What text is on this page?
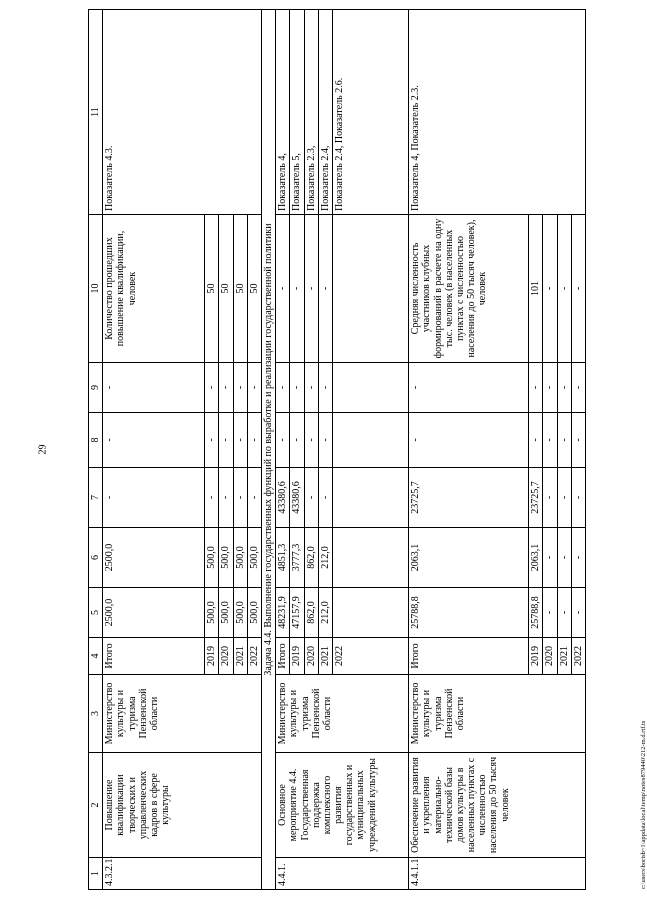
29
1	2	3	4	5	6	7	8	9	10	11
4.3.2.1.	Повышение квалификации творческих и управленческих кадров в сфере культуры	Министерство культуры и туризма Пензенской области	Итого	2500,0	2500,0	-	-	-	Количество прошедших повышение квалификации, человек	Показатель 4.3.
			2019	500,0	500,0	-	-	-	50	
			2020	500,0	500,0	-	-	-	50	
			2021	500,0	500,0	-	-	-	50	
			2022	500,0	500,0	-	-	-	50	
Задача 4.4. Выполнение государственных функций по выработке и реализации государственной политики										
4.4.1.	Основное мероприятие 4.4. Государственная поддержка комплексного развития государственных и муниципальных учреждений культуры	Министерство культуры и туризма Пензенской области	Итого	48231,9	4851,3	43380,6	-	-	-	Показатель 4,
			2019	47157,9	3777,3	43380,6	-	-	-	Показатель 5,
			2020	862,0	862,0	-	-	-	-	Показатель 2.3,
			2021	212,0	212,0	-	-	-	-	Показатель 2.4,
			2022							Показатель 2.4, Показатель 2.6.
4.4.1.1.	Обеспечение развития и укрепления материально-технической базы домов культуры в населенных пунктах с численностью населения до 50 тысяч человек	Министерство культуры и туризма Пензенской области	Итого	25788,8	2063,1	23725,7	-	-	Средняя численность участников клубных формирований в расчете на одну тыс. человек (в населенных пунктах с численностью населения до 50 тысяч человек), человек	Показатель 4, Показатель 2.3.
			2019	25788,8	2063,1	23725,7	-	-	101	
			2020	-	-	-	-	-	-	
			2021	-	-	-	-	-	-	
			2022	-	-	-	-	-	-	
c:\users\borisb~1\appdata\local\temp\notes879440\212-m.d.rtf.ts
